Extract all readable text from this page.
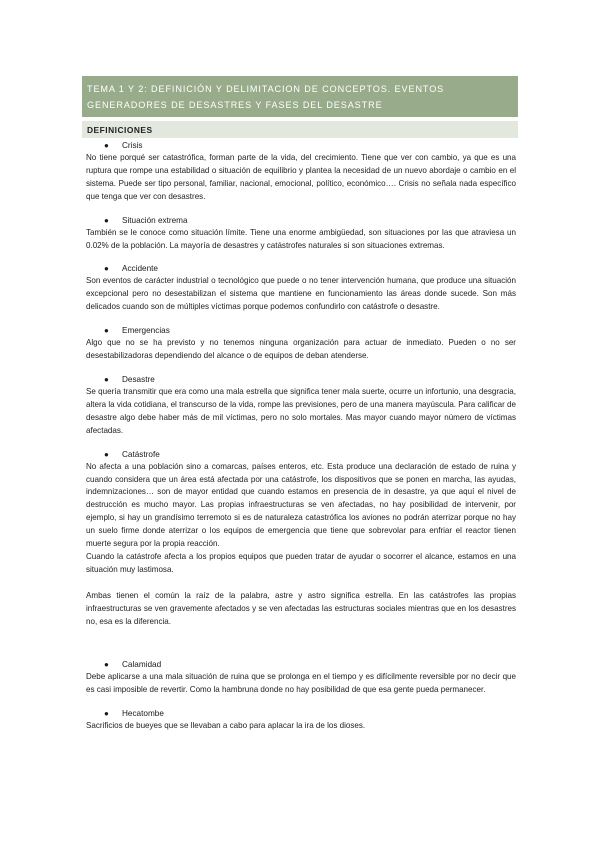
TEMA 1 Y 2: DEFINICIÓN Y DELIMITACION DE CONCEPTOS. EVENTOS
GENERADORES DE DESASTRES Y FASES DEL DESASTRE
DEFINICIONES
● Crisis

No tiene porqué ser catastrófica, forman parte de la vida, del crecimiento. Tiene que ver con cambio, ya que es una ruptura que rompe una estabilidad o situación de equilibrio y plantea la necesidad de un nuevo abordaje o cambio en el sistema. Puede ser tipo personal, familiar, nacional, emocional, político, económico…. Crisis no señala nada específico que tenga que ver con desastres.

● Situación extrema

También se le conoce como situación límite. Tiene una enorme ambigüedad, son situaciones por las que atraviesa un 0.02% de la población. La mayoría de desastres y catástrofes naturales si son situaciones extremas.

● Accidente

Son eventos de carácter industrial o tecnológico que puede o no tener intervención humana, que produce una situación excepcional pero no desestabilizan el sistema que mantiene en funcionamiento las áreas donde sucede. Son más delicados cuando son de múltiples víctimas porque podemos confundirlo con catástrofe o desastre.

● Emergencias

Algo que no se ha previsto y no tenemos ninguna organización para actuar de inmediato. Pueden o no ser desestabilizadoras dependiendo del alcance o de equipos de deban atenderse.

● Desastre

Se quería transmitir que era como una mala estrella que significa tener mala suerte, ocurre un infortunio, una desgracia, altera la vida cotidiana, el transcurso de la vida, rompe las previsiones, pero de una manera mayúscula. Para calificar de desastre algo debe haber más de mil víctimas, pero no solo mortales. Mas mayor cuando mayor número de víctimas afectadas.

● Catástrofe

No afecta a una población sino a comarcas, países enteros, etc. Esta produce una declaración de estado de ruina y cuando considera que un área está afectada por una catástrofe, los dispositivos que se ponen en marcha, las ayudas, indemnizaciones… son de mayor entidad que cuando estamos en presencia de in desastre, ya que aquí el nivel de destrucción es mucho mayor. Las propias infraestructuras se ven afectadas, no hay posibilidad de intervenir, por ejemplo, si hay un grandísimo terremoto si es de naturaleza catastrófica los aviones no podrán aterrizar porque no hay un suelo firme donde aterrizar o los equipos de emergencia que tiene que sobrevolar para enfriar el reactor tienen muerte segura por la propia reacción.

Cuando la catástrofe afecta a los propios equipos que pueden tratar de ayudar o socorrer el alcance, estamos en una situación muy lastimosa.

Ambas tienen el común la raíz de la palabra, astre y astro significa estrella. En las catástrofes las propias infraestructuras se ven gravemente afectados y se ven afectadas las estructuras sociales mientras que en los desastres no, esa es la diferencia.

● Calamidad

Debe aplicarse a una mala situación de ruina que se prolonga en el tiempo y es difícilmente reversible por no decir que es casi imposible de revertir. Como la hambruna donde no hay posibilidad de que esa gente pueda permanecer.

● Hecatombe

Sacrificios de bueyes que se llevaban a cabo para aplacar la ira de los dioses.
